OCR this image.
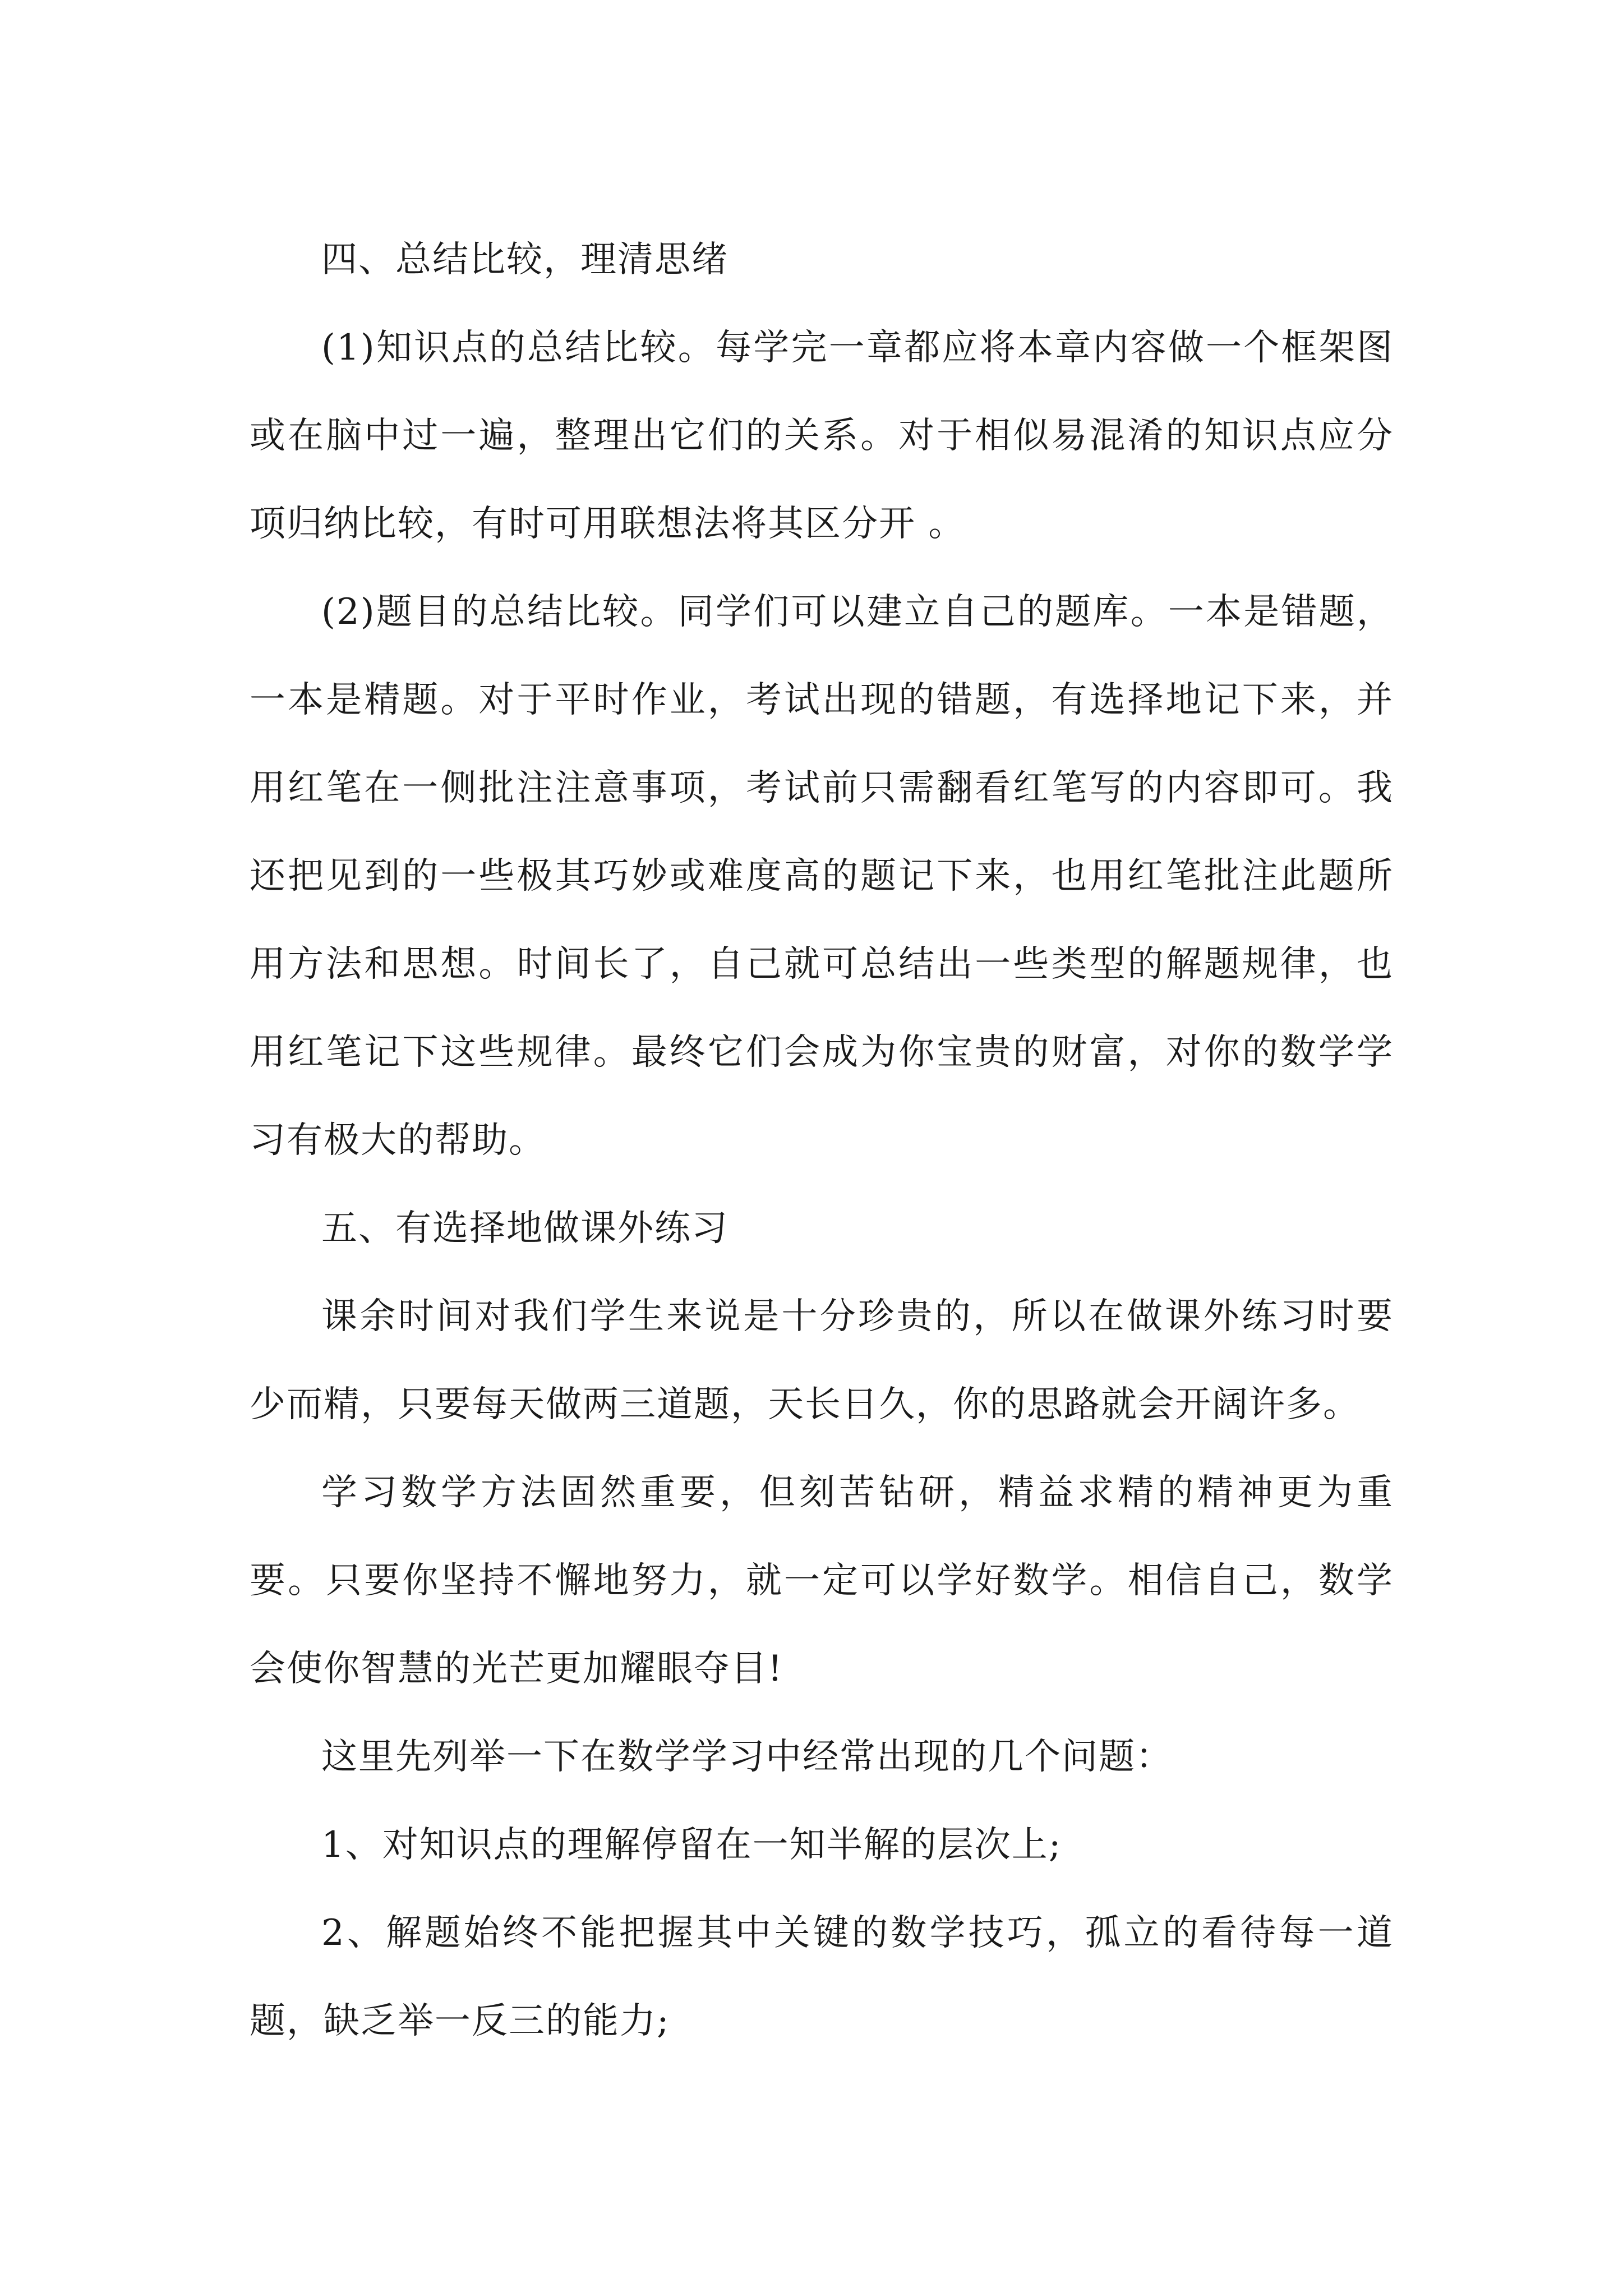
四、总结比较，理清思绪

(1)知识点的总结比较。每学完一章都应将本章内容做一个框架图或在脑中过一遍，整理出它们的关系。对于相似易混淆的知识点应分项归纳比较，有时可用联想法将其区分开 。

(2)题目的总结比较。同学们可以建立自己的题库。一本是错题，一本是精题。对于平时作业，考试出现的错题，有选择地记下来，并用红笔在一侧批注注意事项，考试前只需翻看红笔写的内容即可。我还把见到的一些极其巧妙或难度高的题记下来，也用红笔批注此题所用方法和思想。时间长了，自己就可总结出一些类型的解题规律，也用红笔记下这些规律。最终它们会成为你宝贵的财富，对你的数学学习有极大的帮助。

五、有选择地做课外练习

课余时间对我们学生来说是十分珍贵的，所以在做课外练习时要少而精，只要每天做两三道题，天长日久，你的思路就会开阔许多。

学习数学方法固然重要，但刻苦钻研，精益求精的精神更为重要。只要你坚持不懈地努力，就一定可以学好数学。相信自己，数学会使你智慧的光芒更加耀眼夺目!

这里先列举一下在数学学习中经常出现的几个问题：

1、对知识点的理解停留在一知半解的层次上;

2、解题始终不能把握其中关键的数学技巧，孤立的看待每一道题，缺乏举一反三的能力;
